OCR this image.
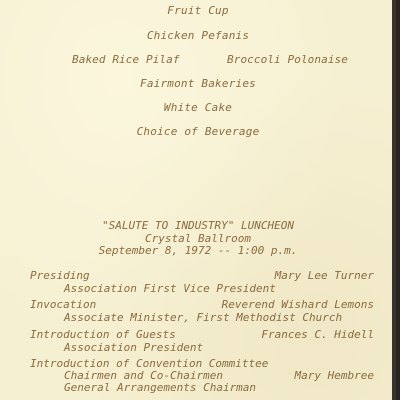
Fruit Cup
Chicken Pefanis
Baked Rice Pilaf	Broccoli Polonaise
Fairmont Bakeries
White Cake
Choice of Beverage
"SALUTE TO INDUSTRY" LUNCHEON
Crystal Ballroom
September 8, 1972 -- 1:00 p.m.
Presiding	Mary Lee Turner
Association First Vice President
Invocation	Reverend Wishard Lemons
Associate Minister, First Methodist Church
Introduction of Guests	Frances C. Hidell
Association President
Introduction of Convention Committee
Chairmen and Co-Chairmen	Mary Hembree
General Arrangements Chairman
